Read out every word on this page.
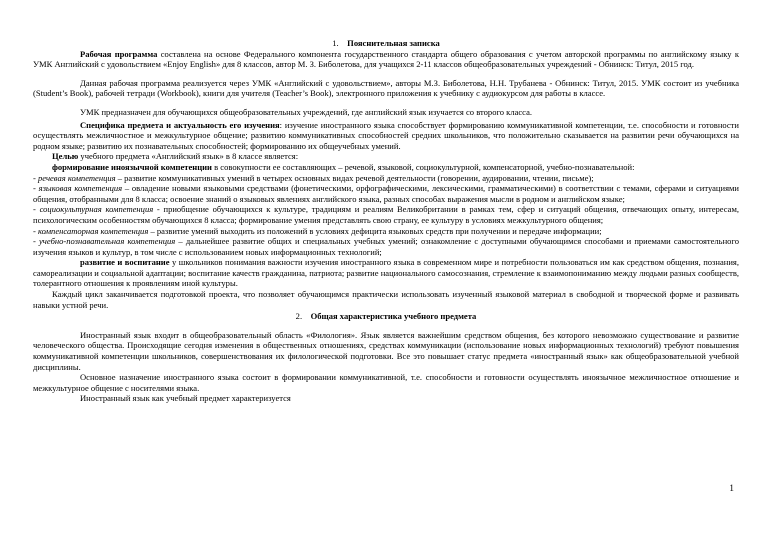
1. Пояснительная записка

Рабочая программа составлена на основе Федерального компонента государственного стандарта общего образования с учетом авторской программы по английскому языку к УМК Английский с удовольствием «Enjoy English» для 8 классов, автор М. З. Биболетова, для учащихся 2-11 классов общеобразовательных учреждений - Обнинск: Титул, 2015 год.

Данная рабочая программа реализуется через УМК «Английский с удовольствием», авторы М.З. Биболетова, Н.Н. Трубанева - Обнинск: Титул, 2015. УМК состоит из учебника (Student’s Book), рабочей тетради (Workbook), книги для учителя (Teacher’s Book), электронного приложения к учебнику с аудиокурсом для работы в классе.

УМК предназначен для обучающихся общеобразовательных учреждений, где английский язык изучается со второго класса.

Специфика предмета и актуальность его изучения: изучение иностранного языка способствует формированию коммуникативной компетенции, т.е. способности и готовности осуществлять межличностное и межкультурное общение; развитию коммуникативных способностей средних школьников, что положительно сказывается на развитии речи обучающихся на родном языке; развитию их познавательных способностей; формированию их общеучебных умений.

Целью учебного предмета «Английский язык» в 8 классе является:

формирование иноязычной компетенции в совокупности ее составляющих – речевой, языковой, социокультурной, компенсаторной, учебно-познавательной:

- речевая компетенция – развитие коммуникативных умений в четырех основных видах речевой деятельности (говорении, аудировании, чтении, письме);

- языковая компетенция – овладение новыми языковыми средствами (фонетическими, орфографическими, лексическими, грамматическими) в соответствии с темами, сферами и ситуациями общения, отобранными для 8 класса; освоение знаний о языковых явлениях английского языка, разных способах выражения мысли в родном и английском языке;

- социокультурная компетенция - приобщение обучающихся к культуре, традициям и реалиям Великобритании в рамках тем, сфер и ситуаций общения, отвечающих опыту, интересам, психологическим особенностям обучающихся 8 класса; формирование умения представлять свою страну, ее культуру в условиях межкультурного общения;

- компенсаторная компетенция – развитие умений выходить из положений в условиях дефицита языковых средств при получении и передаче информации;

- учебно-познавательная компетенция – дальнейшее развитие общих и специальных учебных умений; ознакомление с доступными обучающимся способами и приемами самостоятельного изучения языков и культур, в том числе с использованием новых информационных технологий;

развитие и воспитание у школьников понимания важности изучения иностранного языка в современном мире и потребности пользоваться им как средством общения, познания, самореализации и социальной адаптации; воспитание качеств гражданина, патриота; развитие национального самосознания, стремление к взаимопониманию между людьми разных сообществ, толерантного отношения к проявлениям иной культуры.

Каждый цикл заканчивается подготовкой проекта, что позволяет обучающимся практически использовать изученный языковой материал в свободной и творческой форме и развивать навыки устной речи.

2. Общая характеристика учебного предмета

Иностранный язык входит в общеобразовательный область «Филология». Язык является важнейшим средством общения, без которого невозможно существование и развитие человеческого общества. Происходящие сегодня изменения в общественных отношениях, средствах коммуникации (использование новых информационных технологий) требуют повышения коммуникативной компетенции школьников, совершенствования их филологической подготовки. Все это повышает статус предмета «иностранный язык» как общеобразовательной учебной дисциплины.

Основное назначение иностранного языка состоит в формировании коммуникативной, т.е. способности и готовности осуществлять иноязычное межличностное отношение и межкультурное общение с носителями языка.

Иностранный язык как учебный предмет характеризуется

1
